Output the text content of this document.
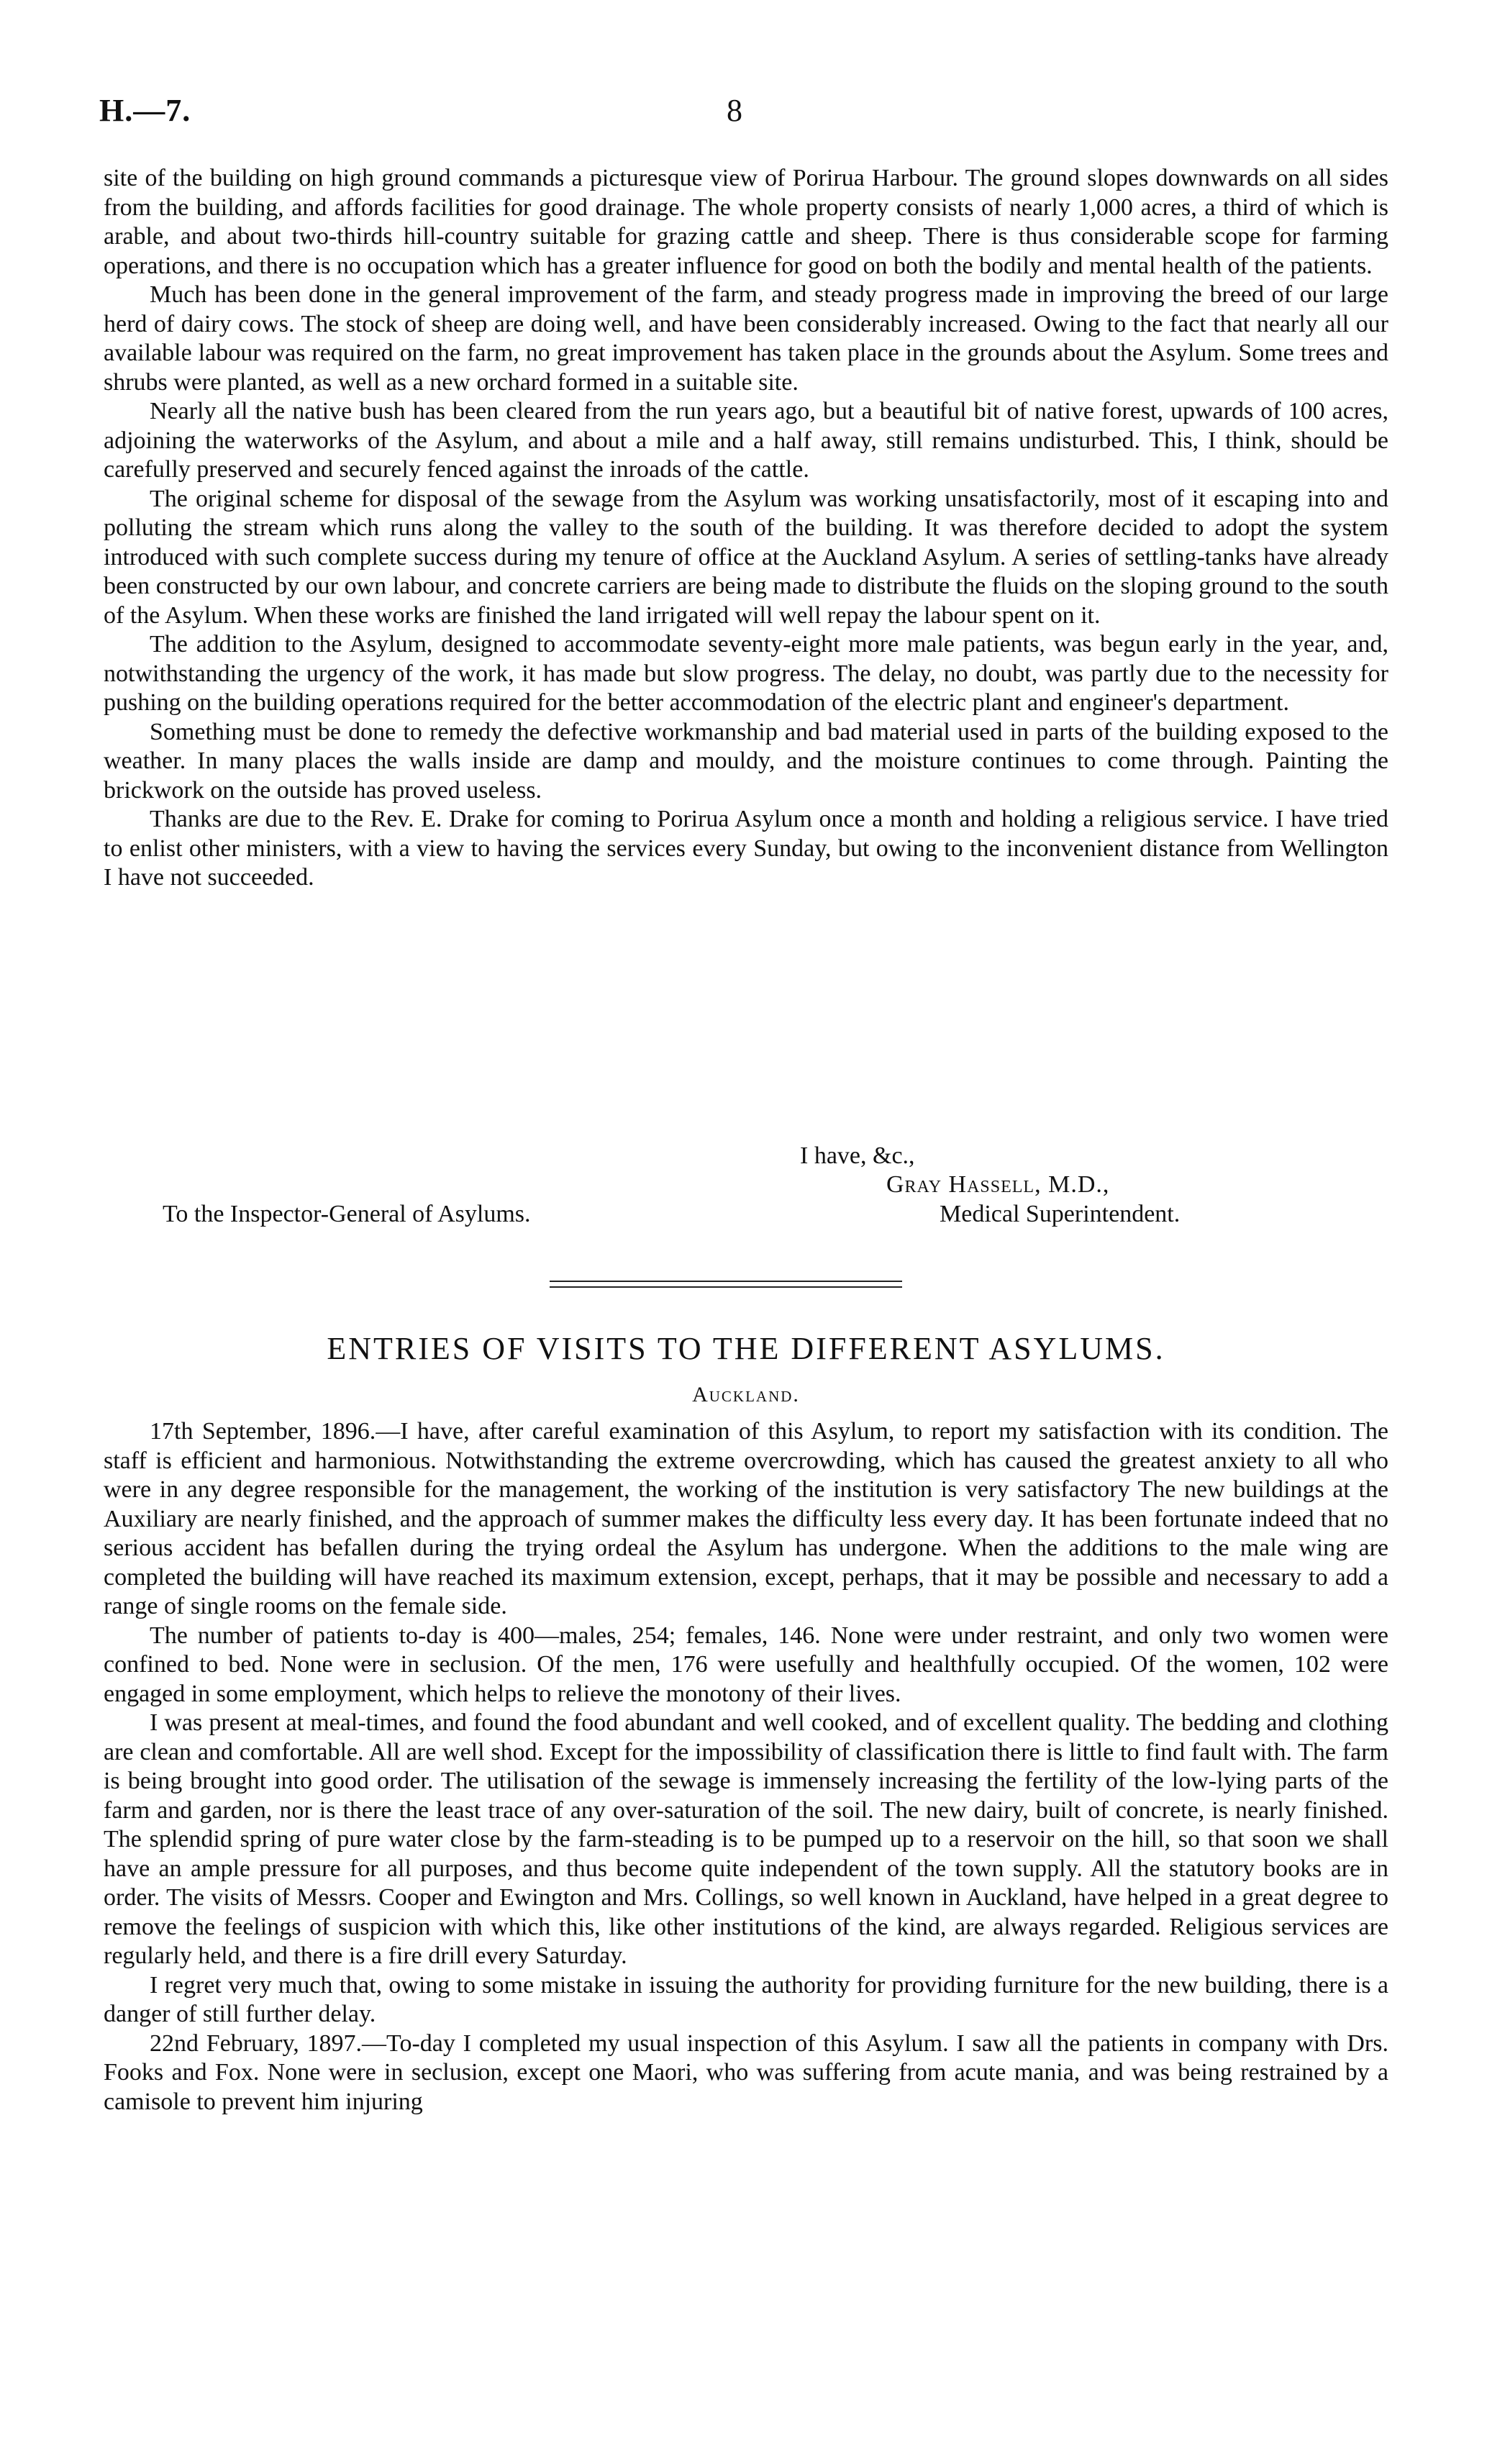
H.—7.	8

site of the building on high ground commands a picturesque view of Porirua Harbour. The ground slopes downwards on all sides from the building, and affords facilities for good drainage. The whole property consists of nearly 1,000 acres, a third of which is arable, and about two-thirds hill-country suitable for grazing cattle and sheep. There is thus considerable scope for farming operations, and there is no occupation which has a greater influence for good on both the bodily and mental health of the patients.

Much has been done in the general improvement of the farm, and steady progress made in improving the breed of our large herd of dairy cows. The stock of sheep are doing well, and have been considerably increased. Owing to the fact that nearly all our available labour was required on the farm, no great improvement has taken place in the grounds about the Asylum. Some trees and shrubs were planted, as well as a new orchard formed in a suitable site.

Nearly all the native bush has been cleared from the run years ago, but a beautiful bit of native forest, upwards of 100 acres, adjoining the waterworks of the Asylum, and about a mile and a half away, still remains undisturbed. This, I think, should be carefully preserved and securely fenced against the inroads of the cattle.

The original scheme for disposal of the sewage from the Asylum was working unsatisfactorily, most of it escaping into and polluting the stream which runs along the valley to the south of the building. It was therefore decided to adopt the system introduced with such complete success during my tenure of office at the Auckland Asylum. A series of settling-tanks have already been constructed by our own labour, and concrete carriers are being made to distribute the fluids on the sloping ground to the south of the Asylum. When these works are finished the land irrigated will well repay the labour spent on it.

The addition to the Asylum, designed to accommodate seventy-eight more male patients, was begun early in the year, and, notwithstanding the urgency of the work, it has made but slow progress. The delay, no doubt, was partly due to the necessity for pushing on the building operations required for the better accommodation of the electric plant and engineer's department.

Something must be done to remedy the defective workmanship and bad material used in parts of the building exposed to the weather. In many places the walls inside are damp and mouldy, and the moisture continues to come through. Painting the brickwork on the outside has proved useless.

Thanks are due to the Rev. E. Drake for coming to Porirua Asylum once a month and holding a religious service. I have tried to enlist other ministers, with a view to having the services every Sunday, but owing to the inconvenient distance from Wellington I have not succeeded.

I have, &c.,
Gray Hassell, M.D.,
To the Inspector-General of Asylums.	Medical Superintendent.
ENTRIES OF VISITS TO THE DIFFERENT ASYLUMS.
Auckland.

17th September, 1896.—I have, after careful examination of this Asylum, to report my satisfaction with its condition. The staff is efficient and harmonious. Notwithstanding the extreme overcrowding, which has caused the greatest anxiety to all who were in any degree responsible for the management, the working of the institution is very satisfactory The new buildings at the Auxiliary are nearly finished, and the approach of summer makes the difficulty less every day. It has been fortunate indeed that no serious accident has befallen during the trying ordeal the Asylum has undergone. When the additions to the male wing are completed the building will have reached its maximum extension, except, perhaps, that it may be possible and necessary to add a range of single rooms on the female side.

The number of patients to-day is 400—males, 254; females, 146. None were under restraint, and only two women were confined to bed. None were in seclusion. Of the men, 176 were usefully and healthfully occupied. Of the women, 102 were engaged in some employment, which helps to relieve the monotony of their lives.

I was present at meal-times, and found the food abundant and well cooked, and of excellent quality. The bedding and clothing are clean and comfortable. All are well shod. Except for the impossibility of classification there is little to find fault with. The farm is being brought into good order. The utilisation of the sewage is immensely increasing the fertility of the low-lying parts of the farm and garden, nor is there the least trace of any over-saturation of the soil. The new dairy, built of concrete, is nearly finished. The splendid spring of pure water close by the farm-steading is to be pumped up to a reservoir on the hill, so that soon we shall have an ample pressure for all purposes, and thus become quite independent of the town supply. All the statutory books are in order. The visits of Messrs. Cooper and Ewington and Mrs. Collings, so well known in Auckland, have helped in a great degree to remove the feelings of suspicion with which this, like other institutions of the kind, are always regarded. Religious services are regularly held, and there is a fire drill every Saturday.

I regret very much that, owing to some mistake in issuing the authority for providing furniture for the new building, there is a danger of still further delay.

22nd February, 1897.—To-day I completed my usual inspection of this Asylum. I saw all the patients in company with Drs. Fooks and Fox. None were in seclusion, except one Maori, who was suffering from acute mania, and was being restrained by a camisole to prevent him injuring
